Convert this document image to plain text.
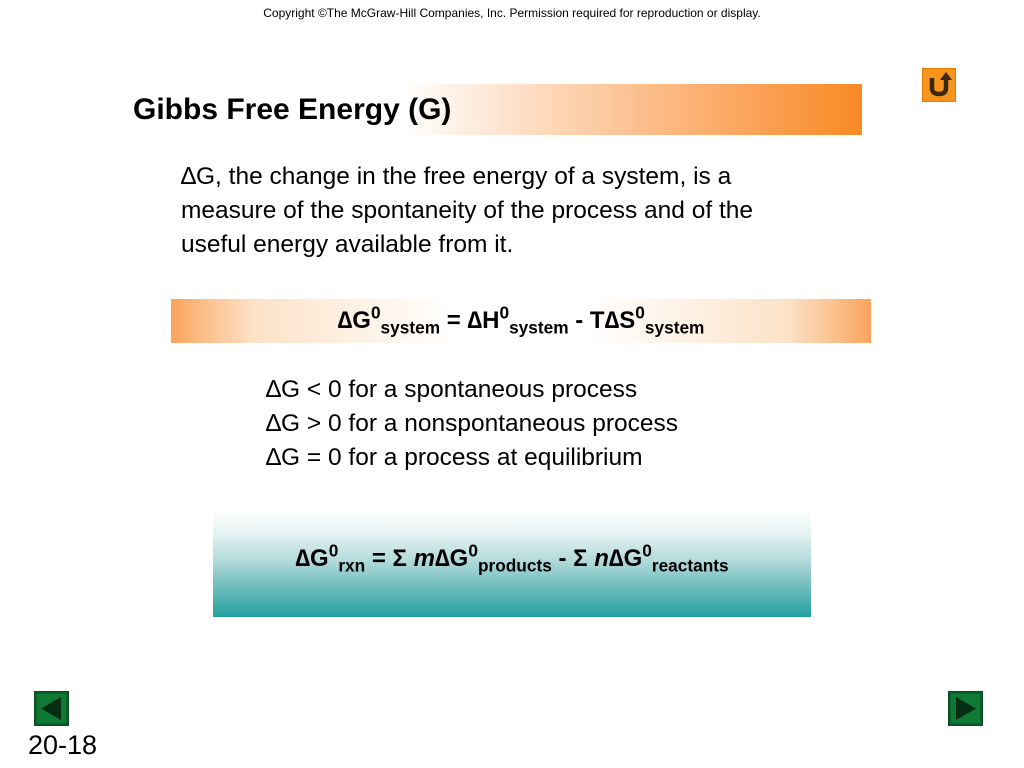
Copyright ©The McGraw-Hill Companies, Inc. Permission required for reproduction or display.
Gibbs Free Energy (G)
∆G, the change in the free energy of a system, is a
measure of the spontaneity of the process and of the
useful energy available from it.
$\Delta G^0_{system} = \Delta H^0_{system} - T\Delta S^0_{system}$
∆G < 0 for a spontaneous process
∆G > 0 for a nonspontaneous process
∆G = 0 for a process at equilibrium
$\Delta G^0_{rxn} = \Sigma$ $m\Delta G^0_{products}$ - Σ $n\Delta G^0_{reactants}$
20-18
